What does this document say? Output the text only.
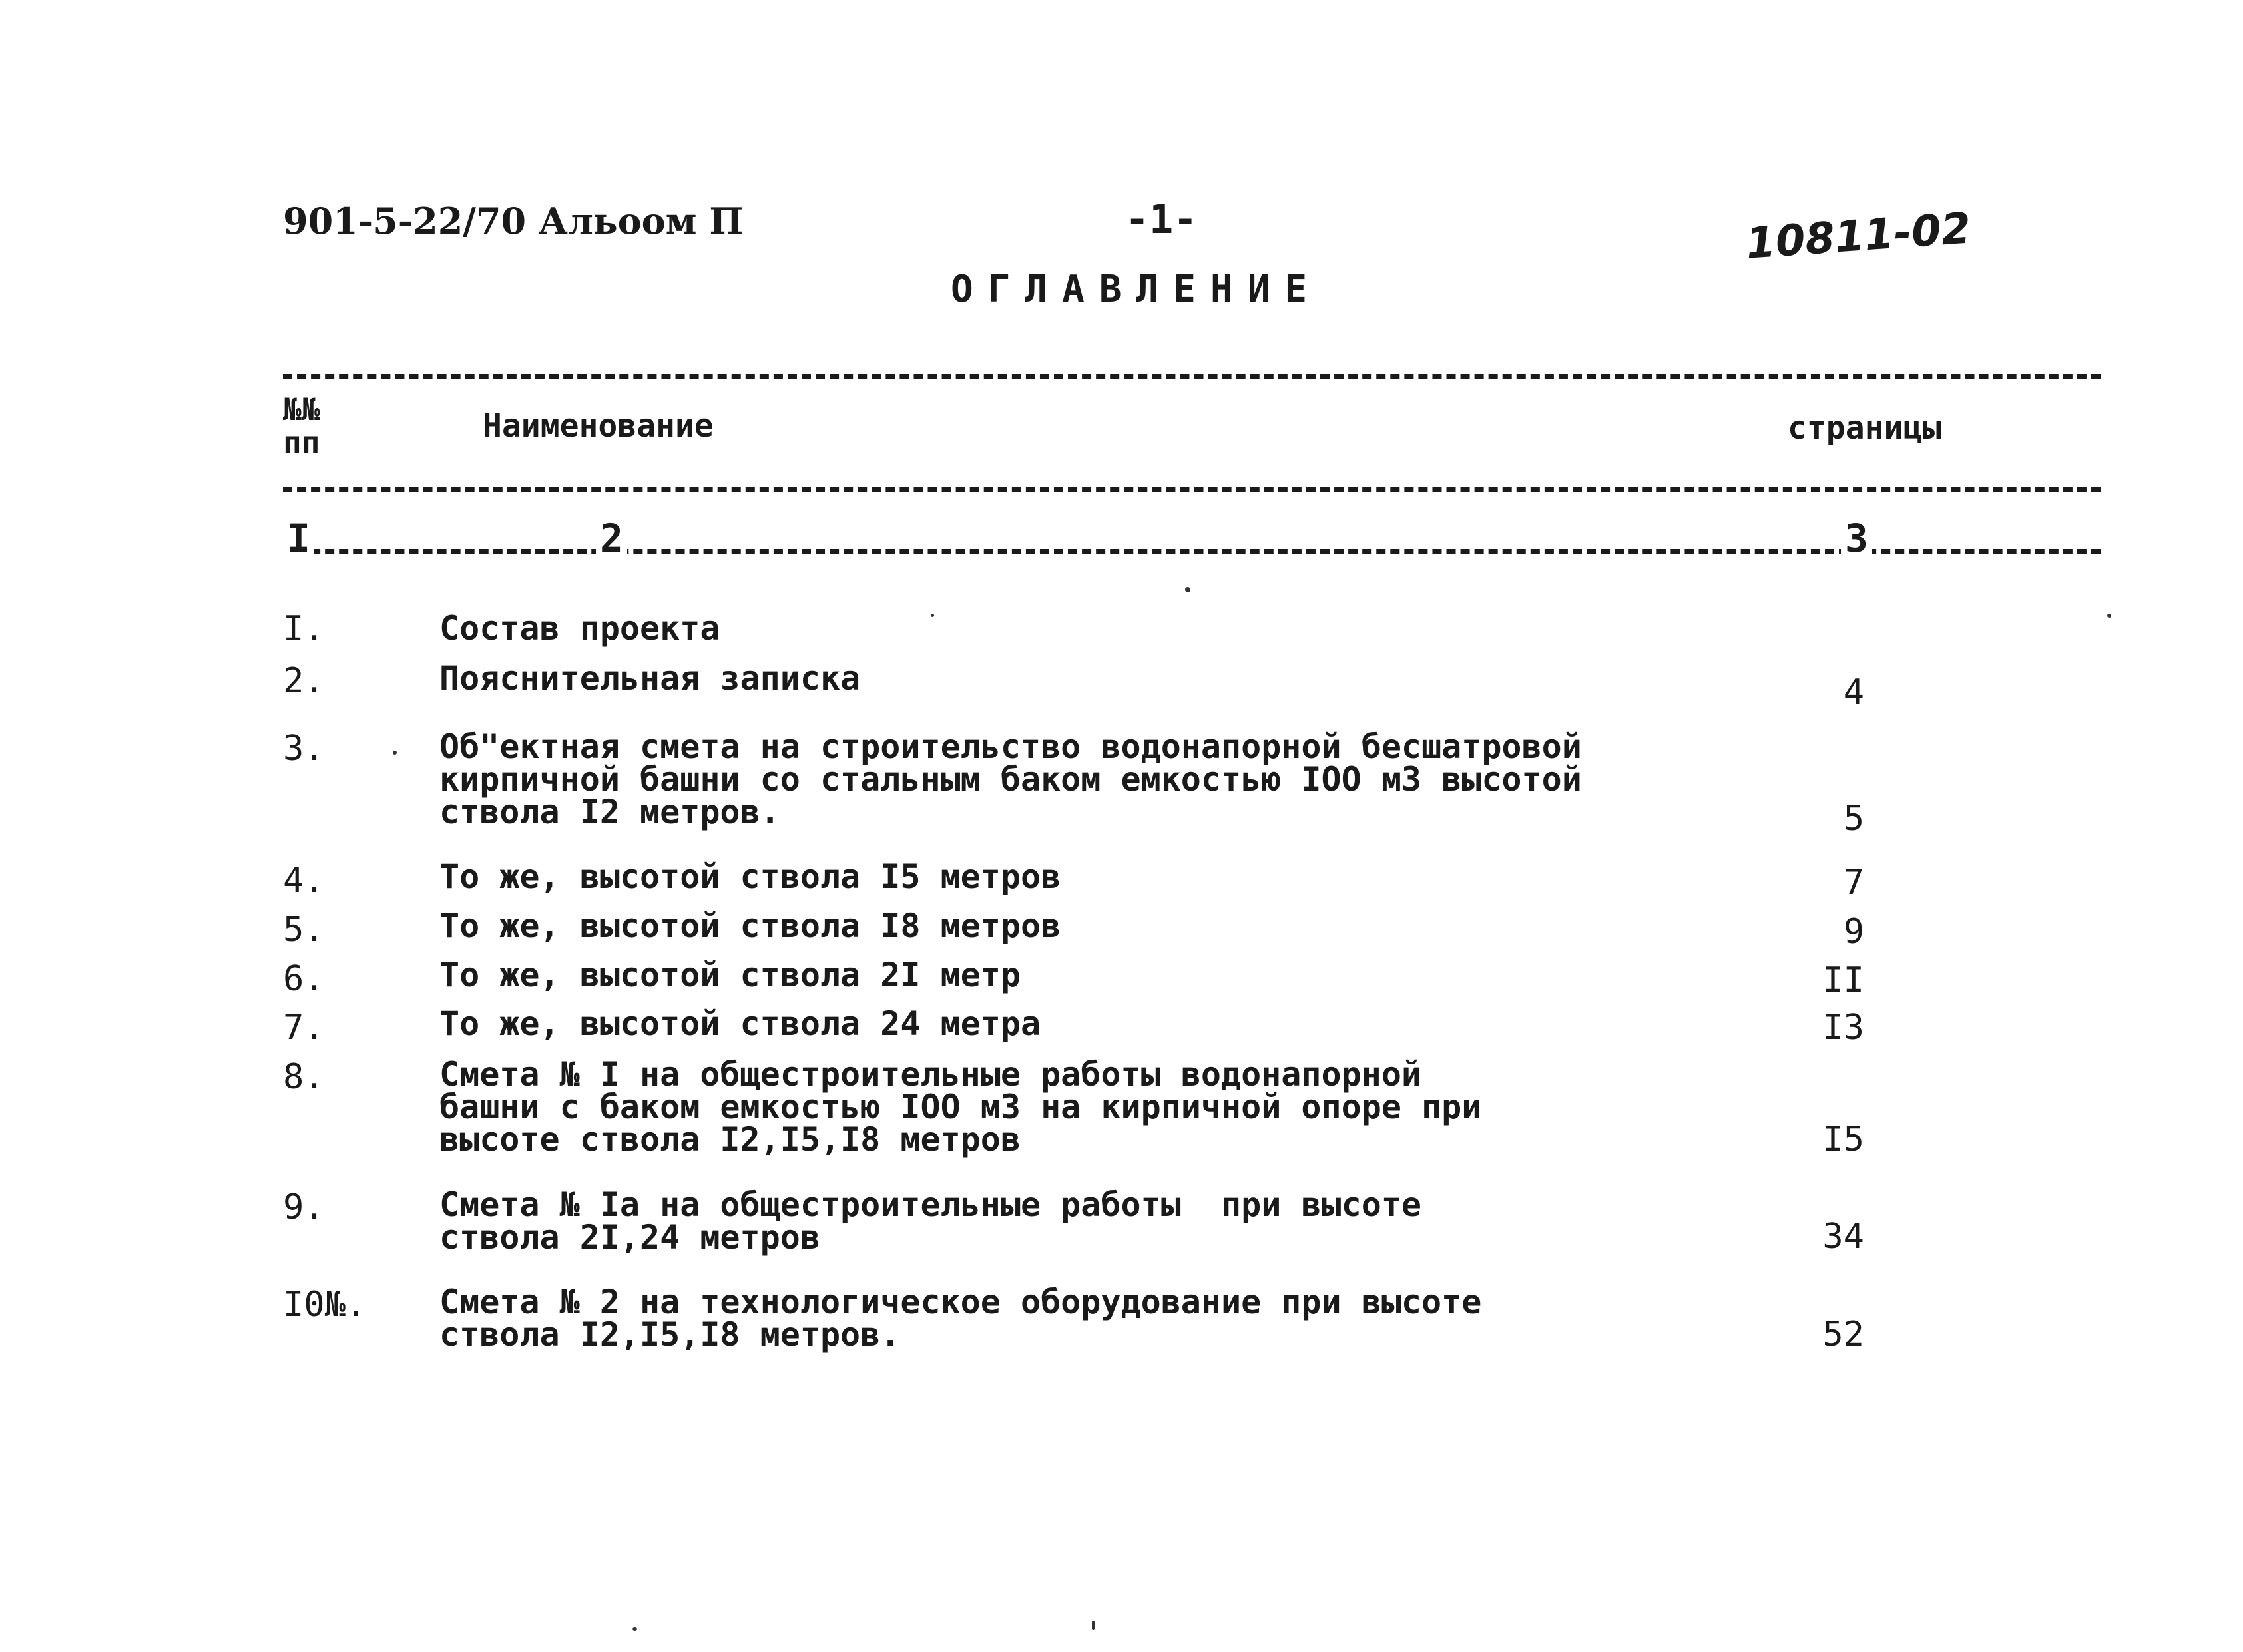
901-5-22/70 Альоом П	-1-	10811-02
ОГЛАВЛЕНИЕ
№№
пп	Наименование	страницы
I	2	3
I.	Состав проекта
2.	Пояснительная записка	4
3.	Об"ектная смета на строительство водонапорной бесшатровой
кирпичной башни со стальным баком емкостью IOO м3 высотой
ствола I2 метров.	5
4.	То же, высотой ствола I5 метров	7
5.	То же, высотой ствола I8 метров	9
6.	То же, высотой ствола 2I метр	II
7.	То же, высотой ствола 24 метра	I3
8.	Смета № I на общестроительные работы водонапорной
башни с баком емкостью IOO м3 на кирпичной опоре при
высоте ствола I2,I5,I8 метров	I5
9.	Смета № Iа на общестроительные работы  при высоте
ствола 2I,24 метров	34
I0№. Смета № 2 на технологическое оборудование при высоте
ствола I2,I5,I8 метров.	52
